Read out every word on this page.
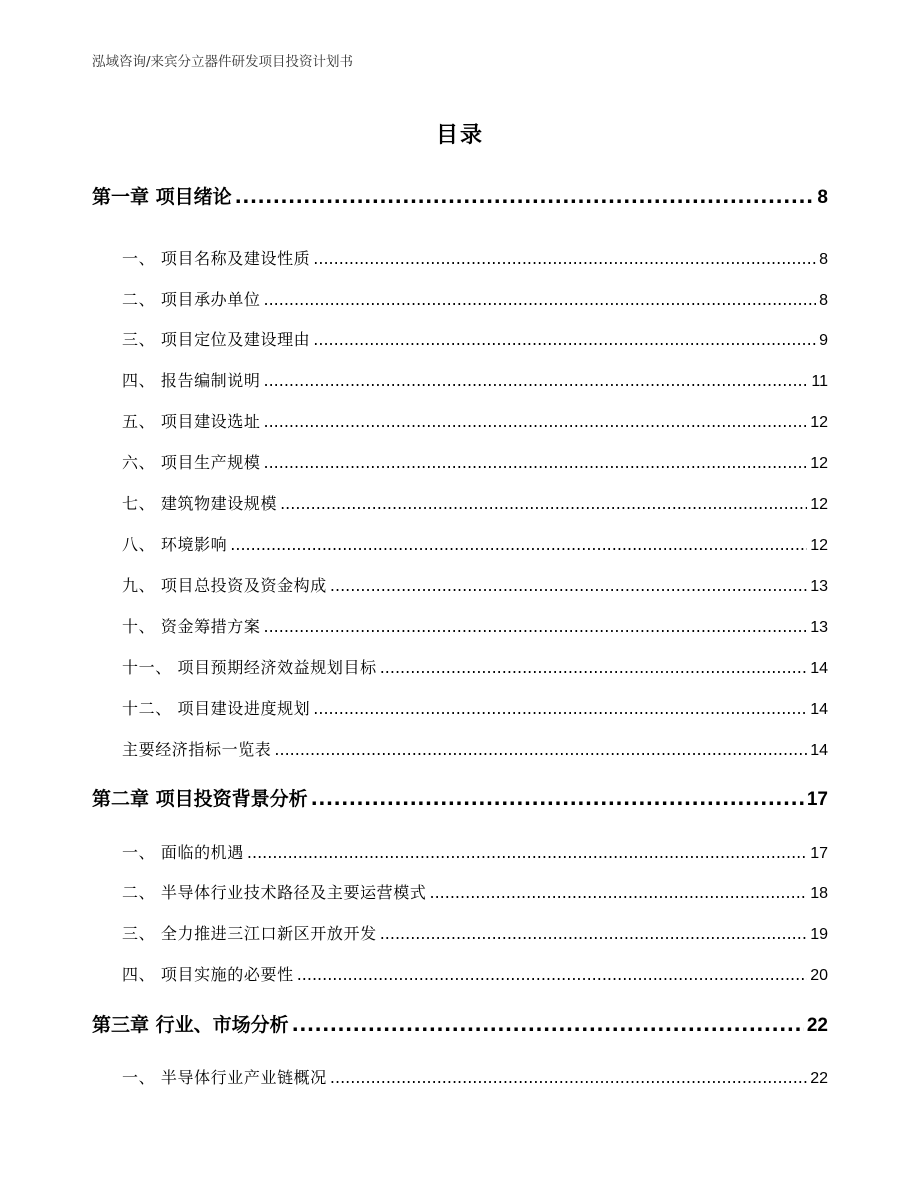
泓域咨询/来宾分立器件研发项目投资计划书
目录
第一章 项目绪论 .....	8
一、 项目名称及建设性质 .....	8
二、 项目承办单位 .....	8
三、 项目定位及建设理由 .....	9
四、 报告编制说明 .....	11
五、 项目建设选址 .....	12
六、 项目生产规模 .....	12
七、 建筑物建设规模 .....	12
八、 环境影响 .....	12
九、 项目总投资及资金构成 .....	13
十、 资金筹措方案 .....	13
十一、 项目预期经济效益规划目标 .....	14
十二、 项目建设进度规划 .....	14
主要经济指标一览表 .....	14
第二章 项目投资背景分析 .....	17
一、 面临的机遇 .....	17
二、 半导体行业技术路径及主要运营模式 .....	18
三、 全力推进三江口新区开放开发 .....	19
四、 项目实施的必要性 .....	20
第三章 行业、市场分析 .....	22
一、 半导体行业产业链概况 .....	22
